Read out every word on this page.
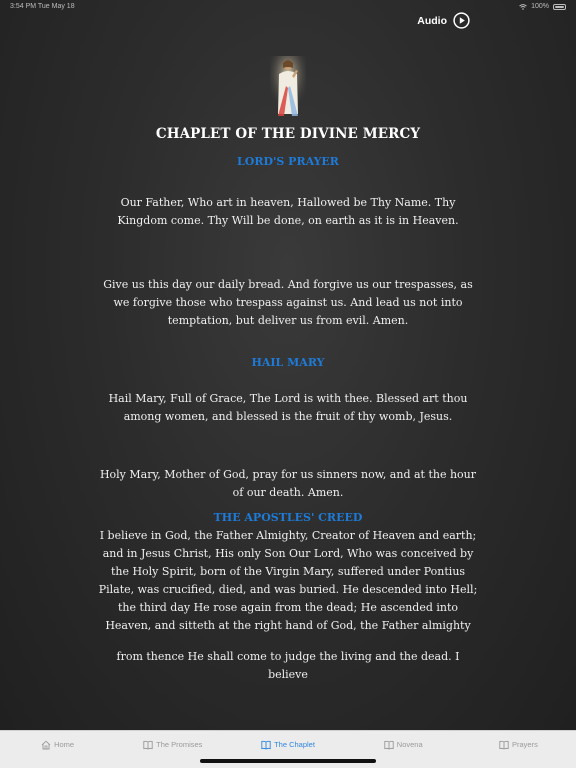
3:54 PM Tue May 18	100%
Audio
CHAPLET OF THE DIVINE MERCY
LORD'S PRAYER

Our Father, Who art in heaven, Hallowed be Thy Name. Thy Kingdom come. Thy Will be done, on earth as it is in Heaven.

Give us this day our daily bread. And forgive us our trespasses, as we forgive those who trespass against us. And lead us not into temptation, but deliver us from evil. Amen.

HAIL MARY

Hail Mary, Full of Grace, The Lord is with thee. Blessed art thou among women, and blessed is the fruit of thy womb, Jesus.

Holy Mary, Mother of God, pray for us sinners now, and at the hour of our death. Amen.

THE APOSTLES' CREED

I believe in God, the Father Almighty, Creator of Heaven and earth; and in Jesus Christ, His only Son Our Lord, Who was conceived by the Holy Spirit, born of the Virgin Mary, suffered under Pontius Pilate, was crucified, died, and was buried. He descended into Hell; the third day He rose again from the dead; He ascended into Heaven, and sitteth at the right hand of God, the Father almighty

from thence He shall come to judge the living and the dead. I believe

Home	The Promises	The Chaplet	Novena	Prayers
